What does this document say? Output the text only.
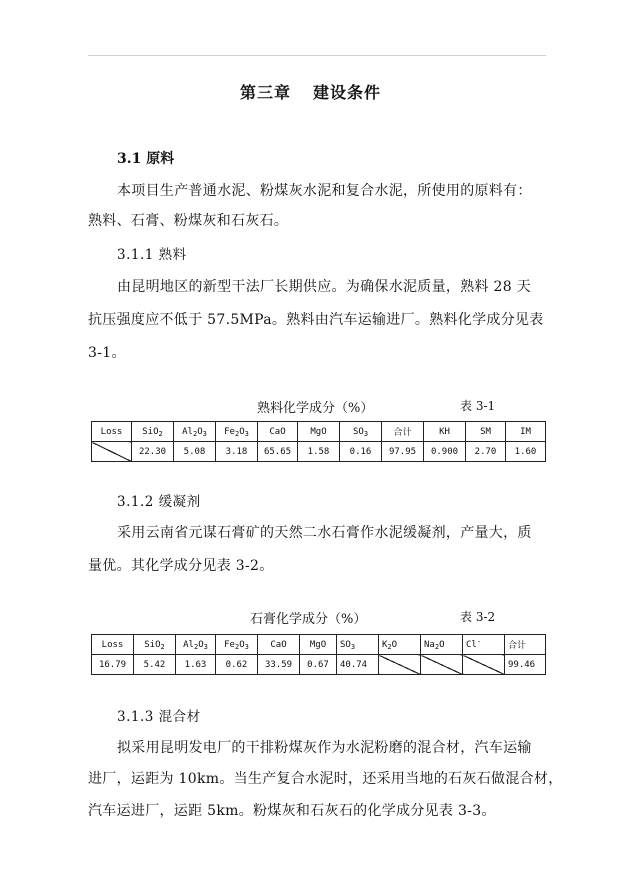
第三章 建设条件
3.1 原料
本项目生产普通水泥、粉煤灰水泥和复合水泥，所使用的原料有：
熟料、石膏、粉煤灰和石灰石。
3.1.1 熟料
由昆明地区的新型干法厂长期供应。为确保水泥质量，熟料 28 天
抗压强度应不低于 57.5MPa。熟料由汽车运输进厂。熟料化学成分见表
3-1。
熟料化学成分（%）	表 3-1
Loss	SiO$_2$	$Al_2O_3$	$Fe_2O_3$	CaO	MgO	$SO_3$	合计	KH	SM	IM
	22.30	5.08	3.18	65.65	1.58	0.16	97.95	0.900	2.70	1.60
3.1.2 缓凝剂
采用云南省元谋石膏矿的天然二水石膏作水泥缓凝剂，产量大，质
量优。其化学成分见表 3-2。
石膏化学成分（%）	表 3-2
Loss	SiO$_2$	$Al_2O_3$	$Fe_2O_3$	CaO	MgO	$SO_3$	$K_2O$	$Na_2O$	Cl-	合计
16.79	5.42	1.63	0.62	33.59	0.67	40.74				99.46
3.1.3 混合材
拟采用昆明发电厂的干排粉煤灰作为水泥粉磨的混合材，汽车运输
进厂，运距为 10km。当生产复合水泥时，还采用当地的石灰石做混合材，
汽车运进厂，运距 5km。粉煤灰和石灰石的化学成分见表 3-3。
